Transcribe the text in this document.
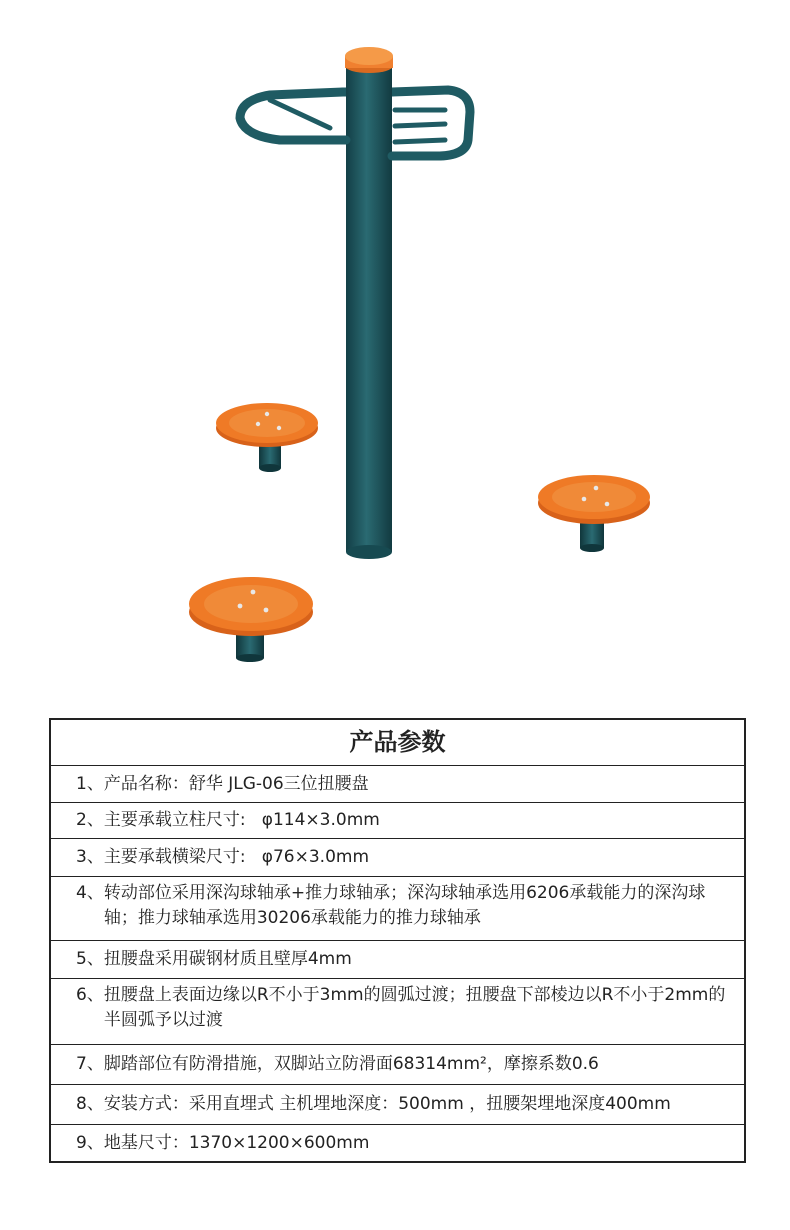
产品参数
1、 产品名称：舒华 JLG-06三位扭腰盘
2、 主要承载立柱尺寸:   φ114×3.0mm
3、 主要承载横梁尺寸:   φ76×3.0mm
4、 转动部位采用深沟球轴承+推力球轴承；深沟球轴承选用6206承载能力的深沟球轴；推力球轴承选用30206承载能力的推力球轴承
5、 扭腰盘采用碳钢材质且壁厚4mm
6、 扭腰盘上表面边缘以R不小于3mm的圆弧过渡；扭腰盘下部棱边以R不小于2mm的半圆弧予以过渡
7、 脚踏部位有防滑措施，双脚站立防滑面68314mm²，摩擦系数0.6
8、 安装方式：采用直埋式 主机埋地深度：500mm ，扭腰架埋地深度400mm
9、 地基尺寸：1370×1200×600mm
